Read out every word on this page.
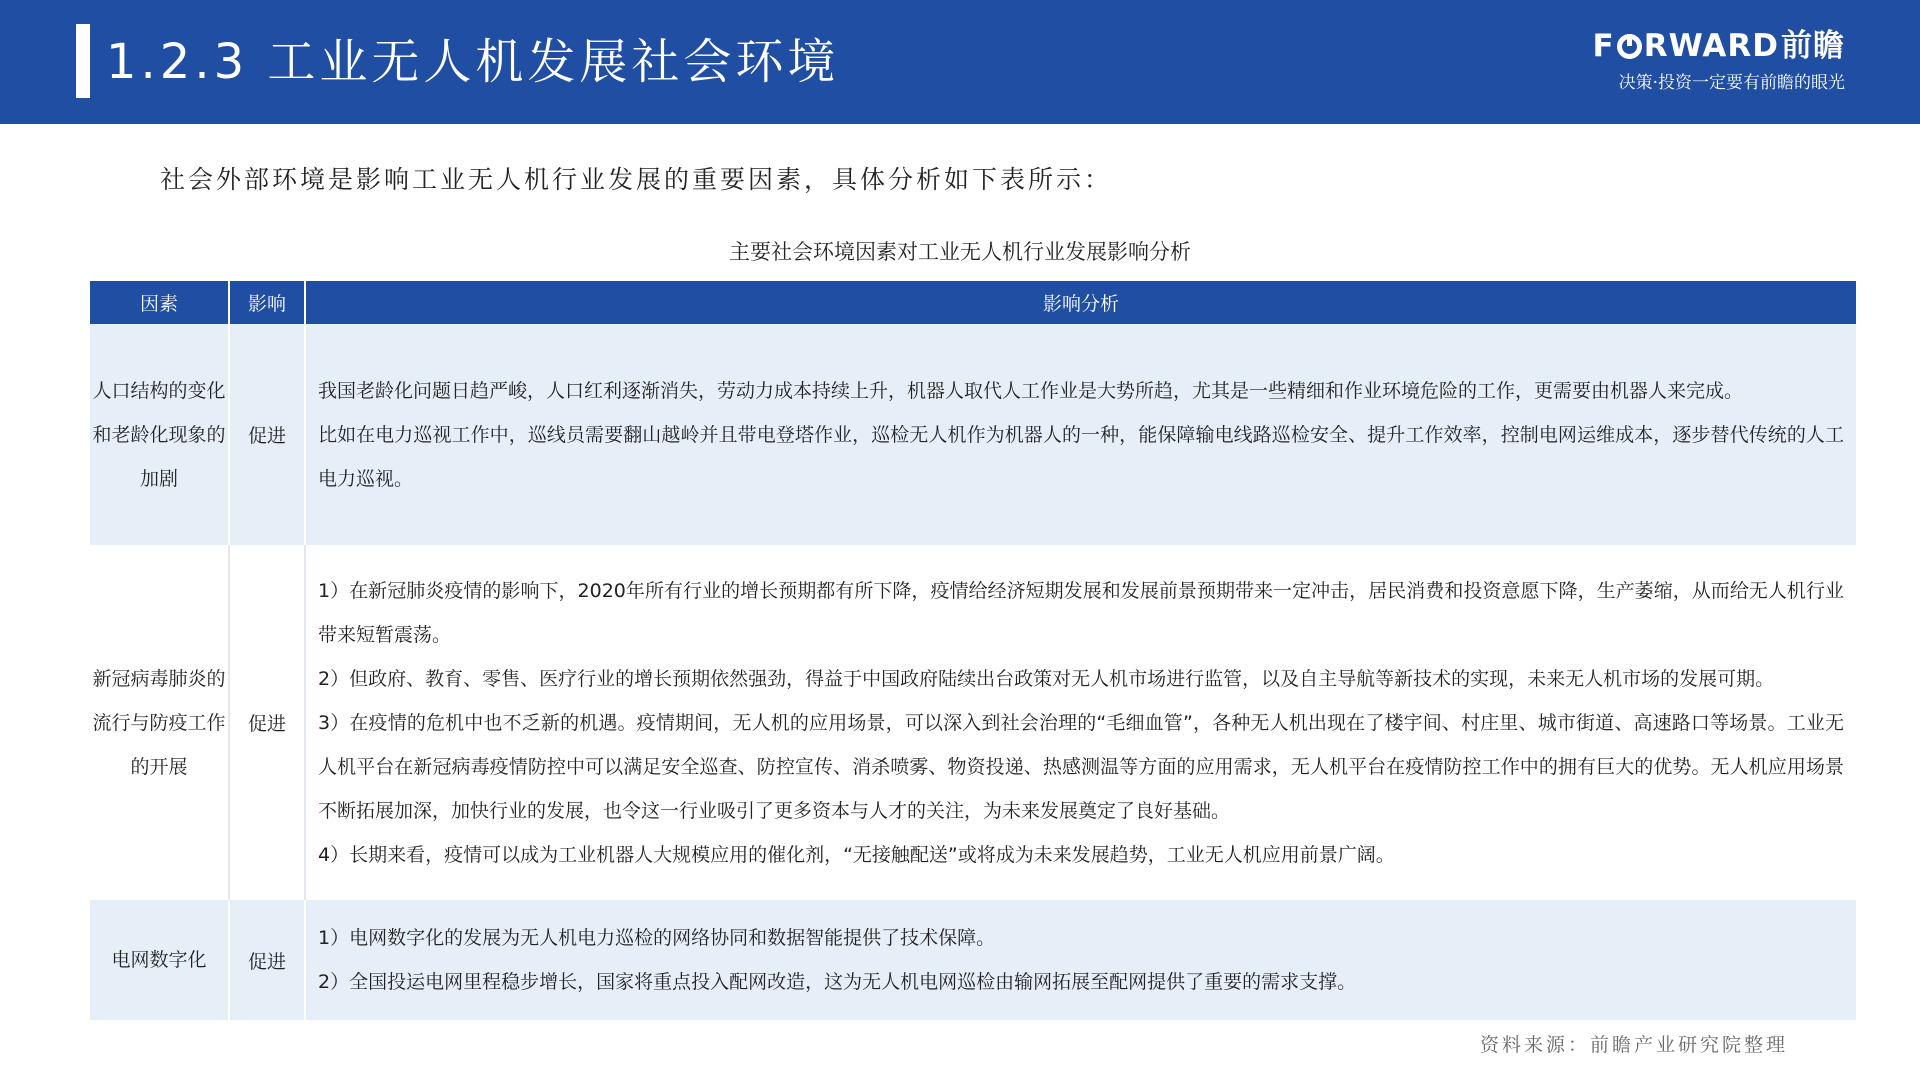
1.2.3 工业无人机发展社会环境	F RWARD 前瞻
决策·投资一定要有前瞻的眼光
社会外部环境是影响工业无人机行业发展的重要因素，具体分析如下表所示：
主要社会环境因素对工业无人机行业发展影响分析
因素	影响	影响分析
人口结构的变化和老龄化现象的加剧	促进	我国老龄化问题日趋严峻，人口红利逐渐消失，劳动力成本持续上升，机器人取代人工作业是大势所趋，尤其是一些精细和作业环境危险的工作，更需要由机器人来完成。

比如在电力巡视工作中，巡线员需要翻山越岭并且带电登塔作业，巡检无人机作为机器人的一种，能保障输电线路巡检安全、提升工作效率，控制电网运维成本，逐步替代传统的人工电力巡视。

新冠病毒肺炎的流行与防疫工作的开展	促进	1）在新冠肺炎疫情的影响下，2020年所有行业的增长预期都有所下降，疫情给经济短期发展和发展前景预期带来一定冲击，居民消费和投资意愿下降，生产萎缩，从而给无人机行业带来短暂震荡。

2）但政府、教育、零售、医疗行业的增长预期依然强劲，得益于中国政府陆续出台政策对无人机市场进行监管，以及自主导航等新技术的实现，未来无人机市场的发展可期。

3）在疫情的危机中也不乏新的机遇。疫情期间，无人机的应用场景，可以深入到社会治理的“毛细血管”，各种无人机出现在了楼宇间、村庄里、城市街道、高速路口等场景。工业无人机平台在新冠病毒疫情防控中可以满足安全巡查、防控宣传、消杀喷雾、物资投递、热感测温等方面的应用需求，无人机平台在疫情防控工作中的拥有巨大的优势。无人机应用场景不断拓展加深，加快行业的发展，也令这一行业吸引了更多资本与人才的关注，为未来发展奠定了良好基础。

4）长期来看，疫情可以成为工业机器人大规模应用的催化剂，“无接触配送”或将成为未来发展趋势，工业无人机应用前景广阔。

电网数字化	促进	1）电网数字化的发展为无人机电力巡检的网络协同和数据智能提供了技术保障。

2）全国投运电网里程稳步增长，国家将重点投入配网改造，这为无人机电网巡检由输网拓展至配网提供了重要的需求支撑。

资料来源：前瞻产业研究院整理
